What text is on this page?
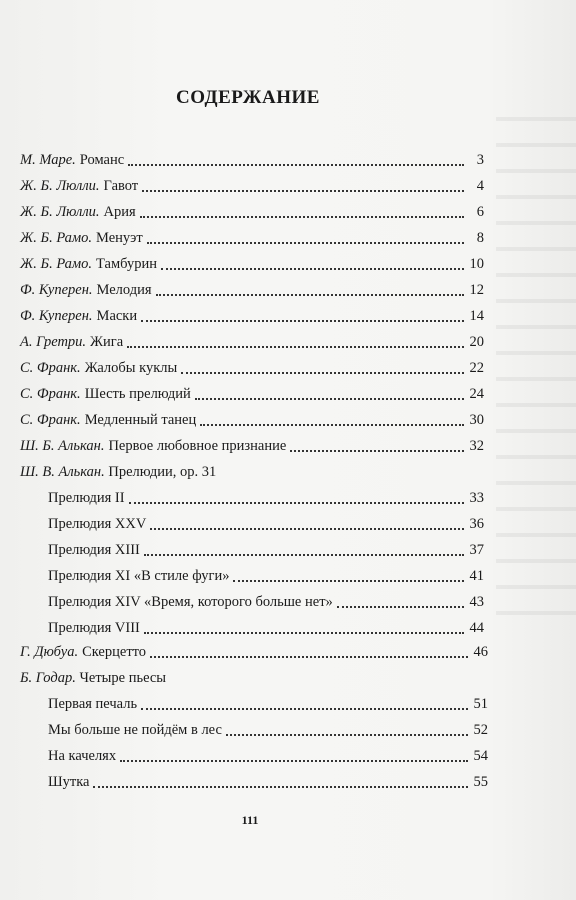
СОДЕРЖАНИЕ
М. Маре. Романс	3
Ж. Б. Люлли. Гавот	4
Ж. Б. Люлли. Ария	6
Ж. Б. Рамо. Менуэт	8
Ж. Б. Рамо. Тамбурин	10
Ф. Куперен. Мелодия	12
Ф. Куперен. Маски	14
А. Гретри. Жига	20
С. Франк. Жалобы куклы	22
С. Франк. Шесть прелюдий	24
С. Франк. Медленный танец	30
Ш. Б. Алькан. Первое любовное признание	32
Ш. В. Алькан. Прелюдии, ор. 31
Прелюдия II	33
Прелюдия XXV	36
Прелюдия XIII	37
Прелюдия XI «В стиле фуги»	41
Прелюдия XIV «Время, которого больше нет»	43
Прелюдия VIII	44
Г. Дюбуа. Скерцетто	46
Б. Годар. Четыре пьесы
Первая печаль	51
Мы больше не пойдём в лес	52
На качелях	54
Шутка	55
111
